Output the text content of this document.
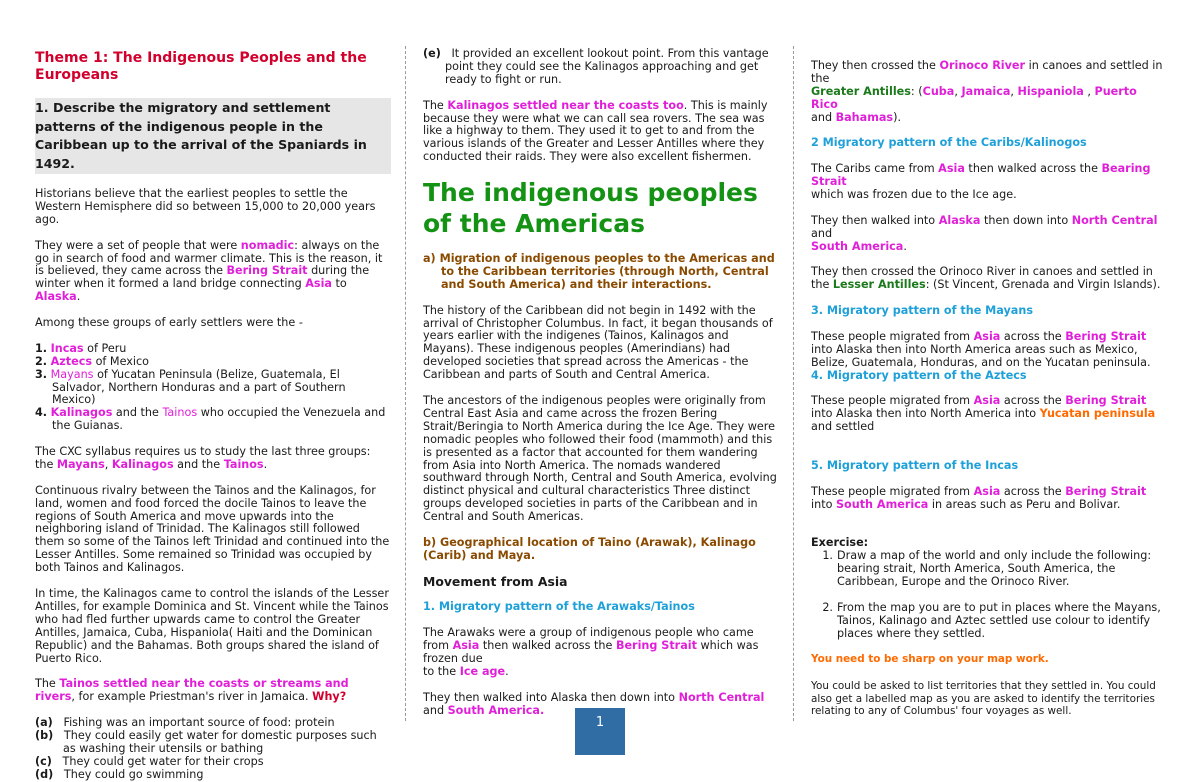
Theme 1: The Indigenous Peoples and the Europeans
1. Describe the migratory and settlement patterns of the indigenous people in the Caribbean up to the arrival of the Spaniards in 1492.

Historians believe that the earliest peoples to settle the Western Hemisphere did so between 15,000 to 20,000 years ago.

They were a set of people that were nomadic: always on the go in search of food and warmer climate. This is the reason, it is believed, they came across the Bering Strait during the winter when it formed a land bridge connecting Asia to Alaska.

Among these groups of early settlers were the -

1. Incas of Peru
2. Aztecs of Mexico
3. Mayans of Yucatan Peninsula (Belize, Guatemala, El Salvador, Northern Honduras and a part of Southern Mexico)
4. Kalinagos and the Tainos who occupied the Venezuela and the Guianas.

The CXC syllabus requires us to study the last three groups: the Mayans, Kalinagos and the Tainos.

Continuous rivalry between the Tainos and the Kalinagos, for land, women and food forced the docile Tainos to leave the regions of South America and move upwards into the neighboring island of Trinidad. The Kalinagos still followed them so some of the Tainos left Trinidad and continued into the Lesser Antilles. Some remained so Trinidad was occupied by both Tainos and Kalinagos.

In time, the Kalinagos came to control the islands of the Lesser Antilles, for example Dominica and St. Vincent while the Tainos who had fled further upwards came to control the Greater Antilles, Jamaica, Cuba, Hispaniola( Haiti and the Dominican Republic) and the Bahamas. Both groups shared the island of Puerto Rico.

The Tainos settled near the coasts or streams and rivers, for example Priestman's river in Jamaica. Why?

(a) Fishing was an important source of food: protein
(b) They could easily get water for domestic purposes such as washing their utensils or bathing
(c) They could get water for their crops
(d) They could go swimming
(e) It provided an excellent lookout point. From this vantage point they could see the Kalinagos approaching and get ready to fight or run.

The Kalinagos settled near the coasts too. This is mainly because they were what we can call sea rovers. The sea was like a highway to them. They used it to get to and from the various islands of the Greater and Lesser Antilles where they conducted their raids. They were also excellent fishermen.

The indigenous peoples of the Americas
a) Migration of indigenous peoples to the Americas and to the Caribbean territories (through North, Central and South America) and their interactions.

The history of the Caribbean did not begin in 1492 with the arrival of Christopher Columbus. In fact, it began thousands of years earlier with the indigenes (Tainos, Kalinagos and Mayans). These indigenous peoples (Amerindians) had developed societies that spread across the Americas - the Caribbean and parts of South and Central America.

The ancestors of the indigenous peoples were originally from Central East Asia and came across the frozen Bering Strait/Beringia to North America during the Ice Age. They were nomadic peoples who followed their food (mammoth) and this is presented as a factor that accounted for them wandering from Asia into North America. The nomads wandered southward through North, Central and South America, evolving distinct physical and cultural characteristics Three distinct groups developed societies in parts of the Caribbean and in Central and South Americas.

b) Geographical location of Taino (Arawak), Kalinago (Carib) and Maya.

Movement from Asia

1. Migratory pattern of the Arawaks/Tainos

The Arawaks were a group of indigenous people who came from Asia then walked across the Bering Strait which was frozen due
to the Ice age.

They then walked into Alaska then down into North Central and South America.

They then crossed the Orinoco River in canoes and settled in the
Greater Antilles: (Cuba, Jamaica, Hispaniola , Puerto Rico
and Bahamas).

2 Migratory pattern of the Caribs/Kalinogos

The Caribs came from Asia then walked across the Bearing Strait
which was frozen due to the Ice age.

They then walked into Alaska then down into North Central
and
South America.

They then crossed the Orinoco River in canoes and settled in the Lesser Antilles: (St Vincent, Grenada and Virgin Islands).

3. Migratory pattern of the Mayans

These people migrated from Asia across the Bering Strait into Alaska then into North America areas such as Mexico, Belize, Guatemala, Honduras, and on the Yucatan peninsula.

4. Migratory pattern of the Aztecs

These people migrated from Asia across the Bering Strait into Alaska then into North America into Yucatan peninsula and settled

5. Migratory pattern of the Incas

These people migrated from Asia across the Bering Strait into South America in areas such as Peru and Bolivar.

Exercise:
1. Draw a map of the world and only include the following: bearing strait, North America, South America, the Caribbean, Europe and the Orinoco River.
2. From the map you are to put in places where the Mayans, Tainos, Kalinago and Aztec settled use colour to identify places where they settled.
You need to be sharp on your map work.

You could be asked to list territories that they settled in. You could also get a labelled map as you are asked to identify the territories relating to any of Columbus' four voyages as well.

1
